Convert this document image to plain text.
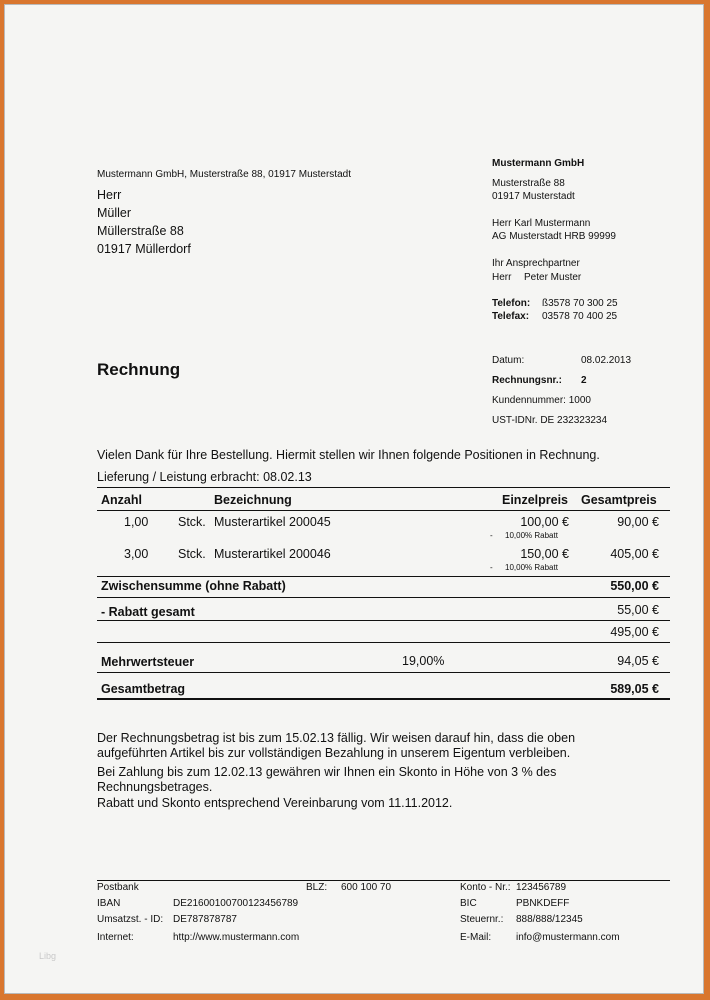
Mustermann GmbH, Musterstraße 88, 01917 Musterstadt
Herr
Müller
Müllerstraße 88
01917 Müllerdorf
Mustermann GmbH
Musterstraße 88
01917 Musterstadt
Herr Karl Mustermann
AG Musterstadt HRB 99999
Ihr Ansprechpartner
Herr Peter Muster
Telefon: ß3578 70 300 25
Telefax: 03578 70 400 25
Rechnung	Datum:	08.02.2013
Rechnungsnr.: 2
Kundennummer: 1000
UST-IDNr. DE 232323234
Vielen Dank für Ihre Bestellung. Hiermit stellen wir Ihnen folgende Positionen in Rechnung.
Lieferung / Leistung erbracht: 08.02.13
Anzahl	Bezeichnung	Einzelpreis Gesamtpreis
1,00 Stck. Musterartikel 200045	100,00 €	90,00 €
- 10,00% Rabatt
3,00 Stck. Musterartikel 200046	150,00 €	405,00 €
- 10,00% Rabatt
Zwischensumme (ohne Rabatt)	550,00 €
- Rabatt gesamt	55,00 €
495,00 €
Mehrwertsteuer	19,00%	94,05 €
Gesamtbetrag	589,05 €
Der Rechnungsbetrag ist bis zum 15.02.13 fällig. Wir weisen darauf hin, dass die oben
aufgeführten Artikel bis zur vollständigen Bezahlung in unserem Eigentum verbleiben.
Bei Zahlung bis zum 12.02.13 gewähren wir Ihnen ein Skonto in Höhe von 3 % des
Rechnungsbetrages.
Rabatt und Skonto entsprechend Vereinbarung vom 11.11.2012.
Postbank	BLZ: 600 100 70	Konto - Nr.: 123456789
IBAN	DE21600100700123456789	BIC	PBNKDEFF
Umsatzst. - ID: DE787878787	Steuernr.: 888/888/12345
Internet:	http://www.mustermann.com	E-Mail: info@mustermann.com
Libg
